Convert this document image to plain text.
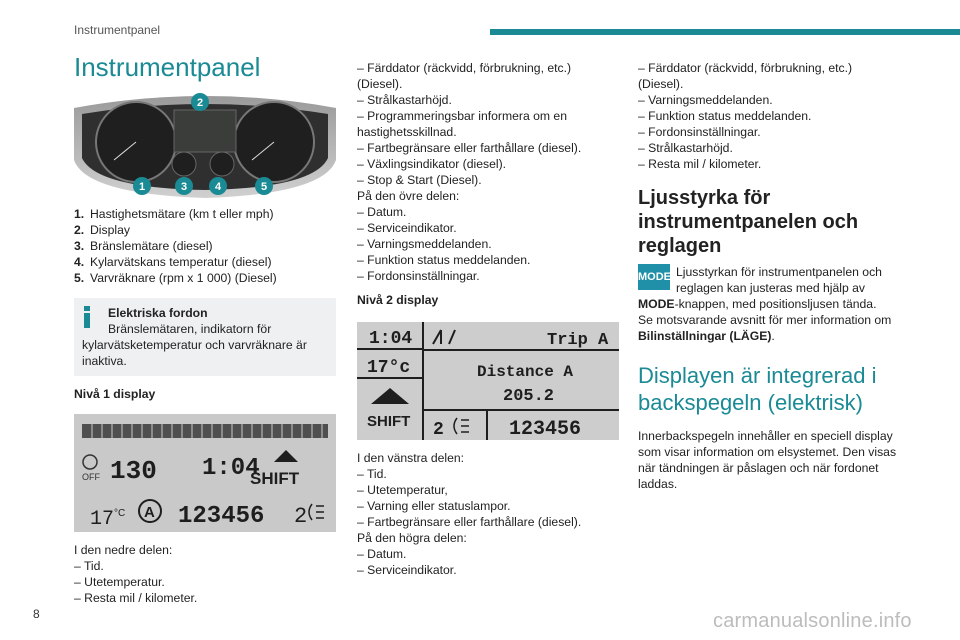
Instrumentpanel
Instrumentpanel
1
2
3	4	5
1. Hastighetsmätare (km t eller mph)
2. Display
3. Bränslemätare (diesel)
4. Kylarvätskans temperatur (diesel)
5. Varvräknare (rpm x 1 000) (Diesel)
Elektriska fordon
Bränslemätaren, indikatorn för
kylarvätsketemperatur och varvräknare är
inaktiva.
Nivå 1 display
OFF 130 1:04
SHIFT
17 °C A 123456 2
I den nedre delen:
– Tid.
– Utetemperatur.
– Resta mil / kilometer.
– Färddator (räckvidd, förbrukning, etc.)
(Diesel).
– Strålkastarhöjd.
– Programmeringsbar informera om en
hastighetsskillnad.
– Fartbegränsare eller farthållare (diesel).
– Växlingsindikator (diesel).
– Stop & Start (Diesel).
På den övre delen:
– Datum.
– Serviceindikator.
– Varningsmeddelanden.
– Funktion status meddelanden.
– Fordonsinställningar.
Nivå 2 display
1:04	Trip A
17°c	Distance A
205.2
SHIFT 2	123456
I den vänstra delen:
– Tid.
– Utetemperatur,
– Varning eller statuslampor.
– Fartbegränsare eller farthållare (diesel).
På den högra delen:
– Datum.
– Serviceindikator.
– Färddator (räckvidd, förbrukning, etc.)
(Diesel).
– Varningsmeddelanden.
– Funktion status meddelanden.
– Fordonsinställningar.
– Strålkastarhöjd.
– Resta mil / kilometer.
Ljusstyrka för
instrumentpanelen och
reglagen
MODE Ljusstyrkan för instrumentpanelen och
reglagen kan justeras med hjälp av
MODE-knappen, med positionsljusen tända.
Se motsvarande avsnitt för mer information om
Bilinställningar (LÄGE).
Displayen är integrerad i
backspegeln (elektrisk)
Innerbackspegeln innehåller en speciell display
som visar information om elsystemet. Den visas
när tändningen är påslagen och när fordonet
laddas.
8	carmanualsonline.info
